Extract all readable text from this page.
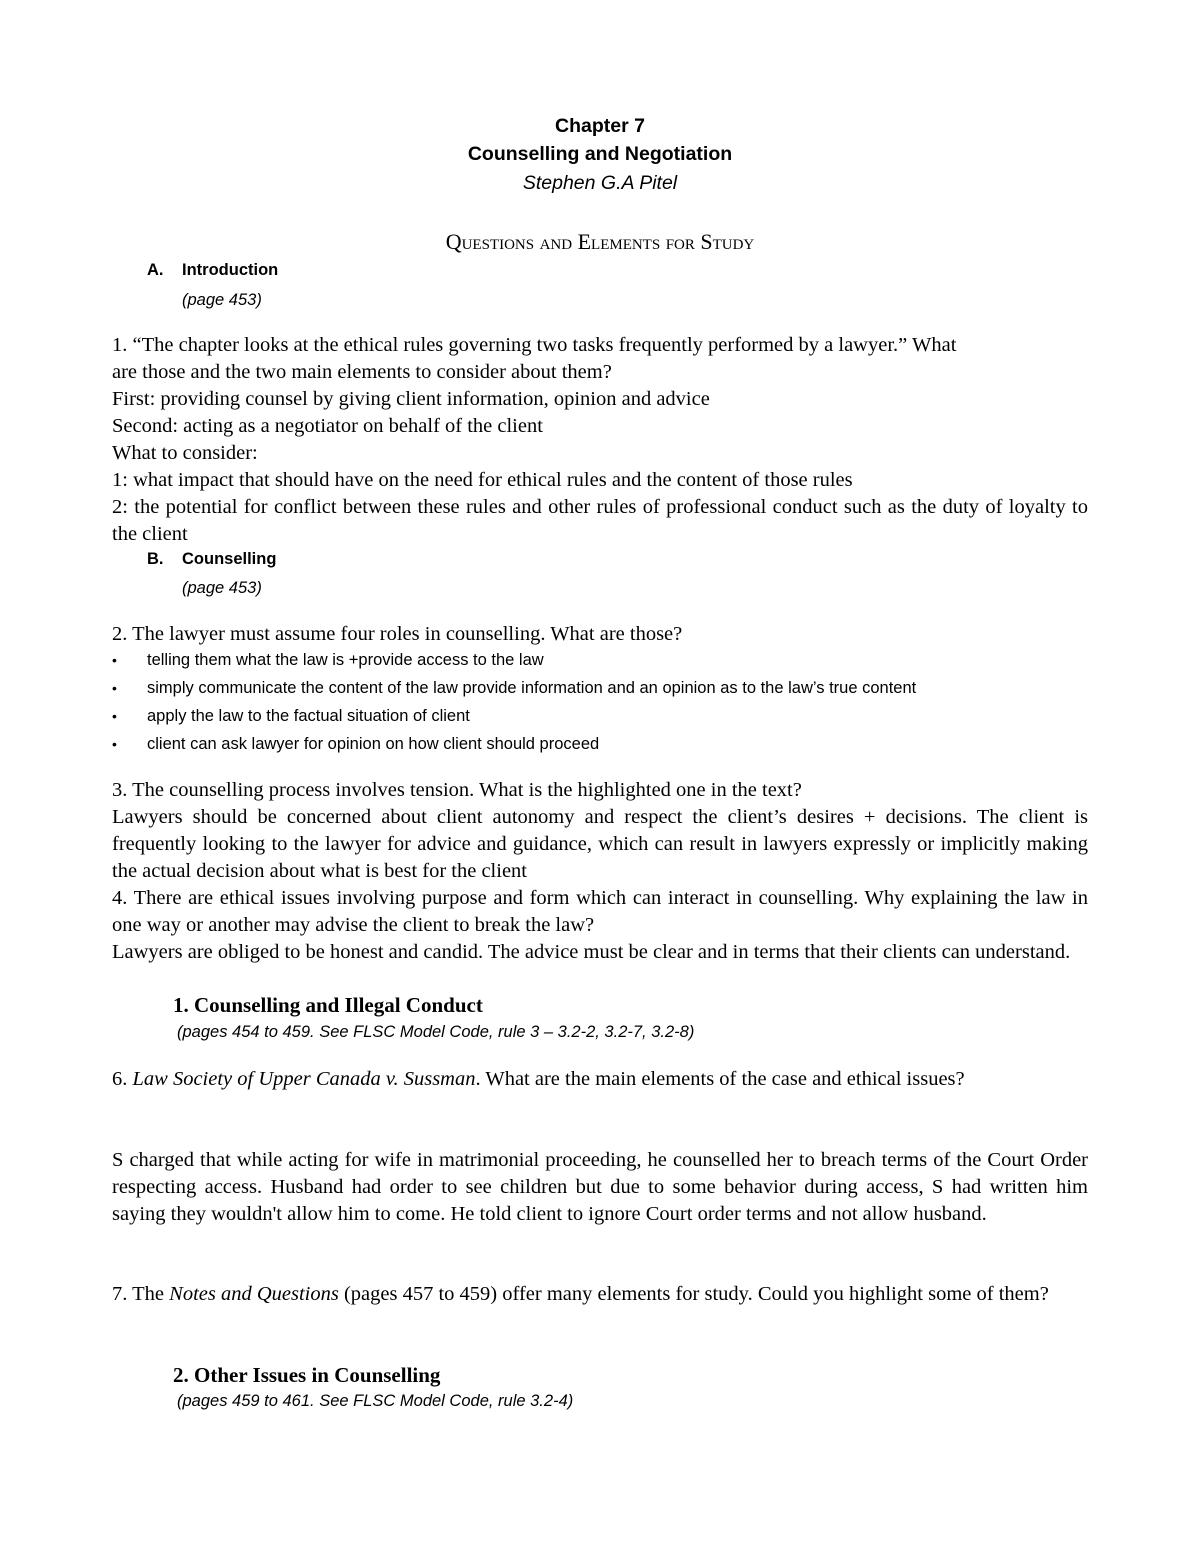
Chapter 7
Counselling and Negotiation
Stephen G.A Pitel
Questions and Elements for Study
A. Introduction
(page 453)
1. “The chapter looks at the ethical rules governing two tasks frequently performed by a lawyer.” What
are those and the two main elements to consider about them?
First: providing counsel by giving client information, opinion and advice
Second: acting as a negotiator on behalf of the client
What to consider:
1: what impact that should have on the need for ethical rules and the content of those rules
2: the potential for conflict between these rules and other rules of professional conduct such as the duty of loyalty to the client
B. Counselling
(page 453)
2. The lawyer must assume four roles in counselling. What are those?
• telling them what the law is +provide access to the law
• simply communicate the content of the law provide information and an opinion as to the law’s true content
• apply the law to the factual situation of client
• client can ask lawyer for opinion on how client should proceed
3. The counselling process involves tension. What is the highlighted one in the text?
Lawyers should be concerned about client autonomy and respect the client’s desires + decisions. The client is frequently looking to the lawyer for advice and guidance, which can result in lawyers expressly or implicitly making the actual decision about what is best for the client
4. There are ethical issues involving purpose and form which can interact in counselling. Why explaining the law in one way or another may advise the client to break the law?
Lawyers are obliged to be honest and candid. The advice must be clear and in terms that their clients can understand.
1. Counselling and Illegal Conduct
(pages 454 to 459. See FLSC Model Code, rule 3 – 3.2-2, 3.2-7, 3.2-8)
6. Law Society of Upper Canada v. Sussman. What are the main elements of the case and ethical issues?
S charged that while acting for wife in matrimonial proceeding, he counselled her to breach terms of the Court Order respecting access. Husband had order to see children but due to some behavior during access, S had written him saying they wouldn't allow him to come. He told client to ignore Court order terms and not allow husband.
7. The Notes and Questions (pages 457 to 459) offer many elements for study. Could you highlight some of them?
2. Other Issues in Counselling
(pages 459 to 461. See FLSC Model Code, rule 3.2-4)
